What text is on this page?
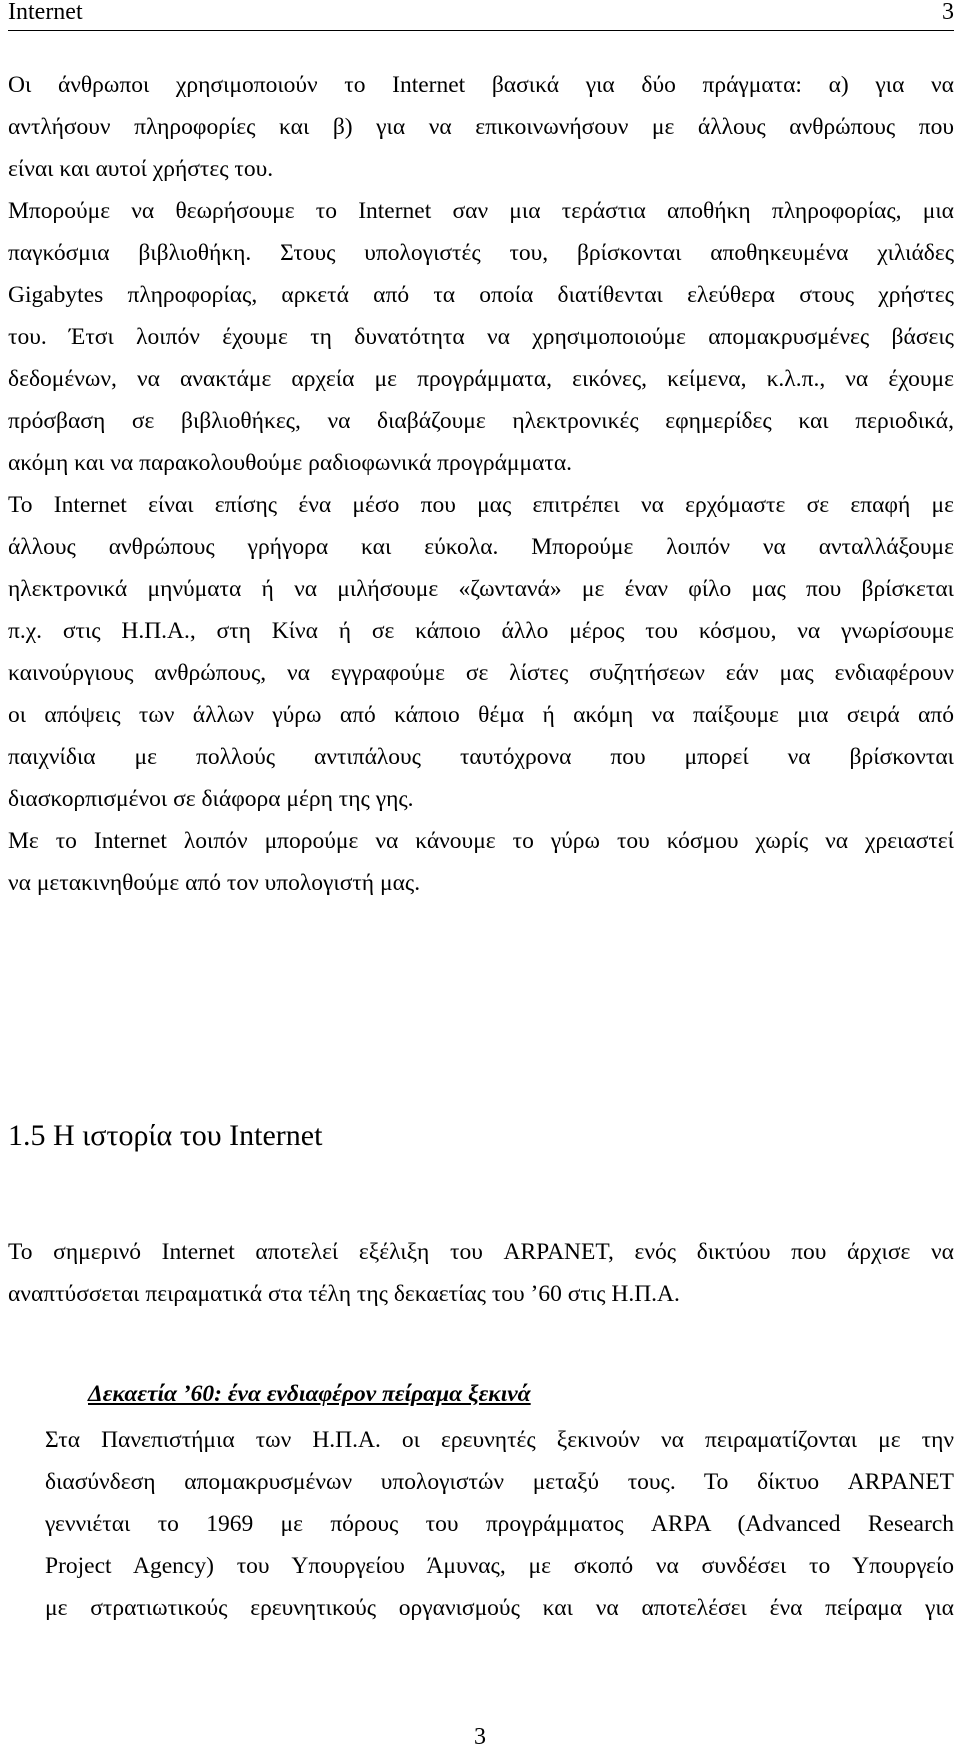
Internet	3
Οι άνθρωποι χρησιμοποιούν το Internet βασικά για δύο πράγματα: α) για να
αντλήσουν πληροφορίες και β) για να επικοινωνήσουν με άλλους ανθρώπους που
είναι και αυτοί χρήστες του.
Μπορούμε να θεωρήσουμε το Internet σαν μια τεράστια αποθήκη πληροφορίας, μια
παγκόσμια βιβλιοθήκη. Στους υπολογιστές του, βρίσκονται αποθηκευμένα χιλιάδες
Gigabytes πληροφορίας, αρκετά από τα οποία διατίθενται ελεύθερα στους χρήστες
του. Έτσι λοιπόν έχουμε τη δυνατότητα να χρησιμοποιούμε απομακρυσμένες βάσεις
δεδομένων, να ανακτάμε αρχεία με προγράμματα, εικόνες, κείμενα, κ.λ.π., να έχουμε
πρόσβαση σε βιβλιοθήκες, να διαβάζουμε ηλεκτρονικές εφημερίδες και περιοδικά,
ακόμη και να παρακολουθούμε ραδιοφωνικά προγράμματα.
Το Internet είναι επίσης ένα μέσο που μας επιτρέπει να ερχόμαστε σε επαφή με
άλλους ανθρώπους γρήγορα και εύκολα. Μπορούμε λοιπόν να ανταλλάξουμε
ηλεκτρονικά μηνύματα ή να μιλήσουμε «ζωντανά» με έναν φίλο μας που βρίσκεται
π.χ. στις Η.Π.Α., στη Κίνα ή σε κάποιο άλλο μέρος του κόσμου, να γνωρίσουμε
καινούργιους ανθρώπους, να εγγραφούμε σε λίστες συζητήσεων εάν μας ενδιαφέρουν
οι απόψεις των άλλων γύρω από κάποιο θέμα ή ακόμη να παίξουμε μια σειρά από
παιχνίδια με πολλούς αντιπάλους ταυτόχρονα που μπορεί να βρίσκονται
διασκορπισμένοι σε διάφορα μέρη της γης.
Με το Internet λοιπόν μπορούμε να κάνουμε το γύρω του κόσμου χωρίς να χρειαστεί
να μετακινηθούμε από τον υπολογιστή μας.
1.5 Η ιστορία του Internet
Το σημερινό Internet αποτελεί εξέλιξη του ARPANET, ενός δικτύου που άρχισε να
αναπτύσσεται πειραματικά στα τέλη της δεκαετίας του ’60 στις Η.Π.Α.
Δεκαετία ’60: ένα ενδιαφέρον πείραμα ξεκινά
Στα Πανεπιστήμια των Η.Π.Α. οι ερευνητές ξεκινούν να πειραματίζονται με την
διασύνδεση απομακρυσμένων υπολογιστών μεταξύ τους. Το δίκτυο ARPANET
γεννιέται το 1969 με πόρους του προγράμματος ARPA (Advanced Research
Project Agency) του Υπουργείου Άμυνας, με σκοπό να συνδέσει το Υπουργείο
με στρατιωτικούς ερευνητικούς οργανισμούς και να αποτελέσει ένα πείραμα για
3
